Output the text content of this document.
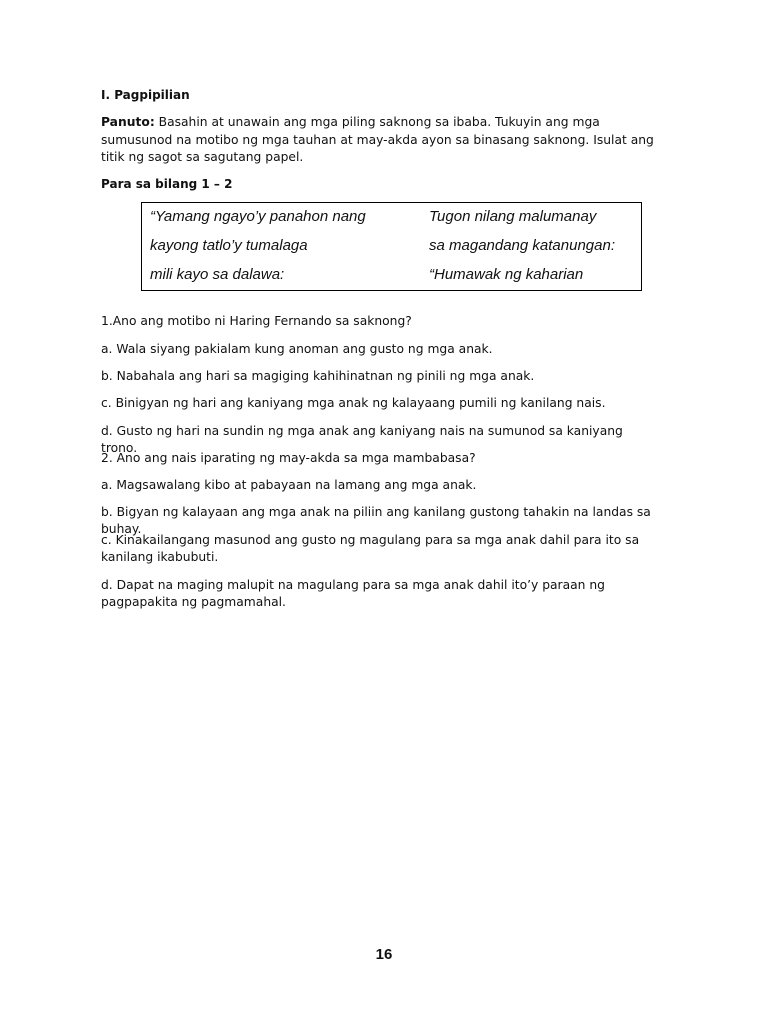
I. Pagpipilian
Panuto: Basahin at unawain ang mga piling saknong sa ibaba. Tukuyin ang mga sumusunod na motibo ng mga tauhan at may-akda ayon sa binasang saknong. Isulat ang titik ng sagot sa sagutang papel.
Para sa bilang 1 – 2
“Yamang ngayo’y panahon nang
kayong tatlo’y tumalaga
mili kayo sa dalawa:
Tugon nilang malumanay
sa magandang katanungan:
“Humawak ng kaharian
1.Ano ang motibo ni Haring Fernando sa saknong?
a. Wala siyang pakialam kung anoman ang gusto ng mga anak.
b. Nabahala ang hari sa magiging kahihinatnan ng pinili ng mga anak.
c. Binigyan ng hari ang kaniyang mga anak ng kalayaang pumili ng kanilang nais.
d. Gusto ng hari na sundin ng mga anak ang kaniyang nais na sumunod sa kaniyang trono.
2. Ano ang nais iparating ng may-akda sa mga mambabasa?
a. Magsawalang kibo at pabayaan na lamang ang mga anak.
b. Bigyan ng kalayaan ang mga anak na piliin ang kanilang gustong tahakin na landas sa buhay.
c. Kinakailangang masunod ang gusto ng magulang para sa mga anak dahil para ito sa kanilang ikabubuti.
d. Dapat na maging malupit na magulang para sa mga anak dahil ito’y paraan ng pagpapakita ng pagmamahal.
16
